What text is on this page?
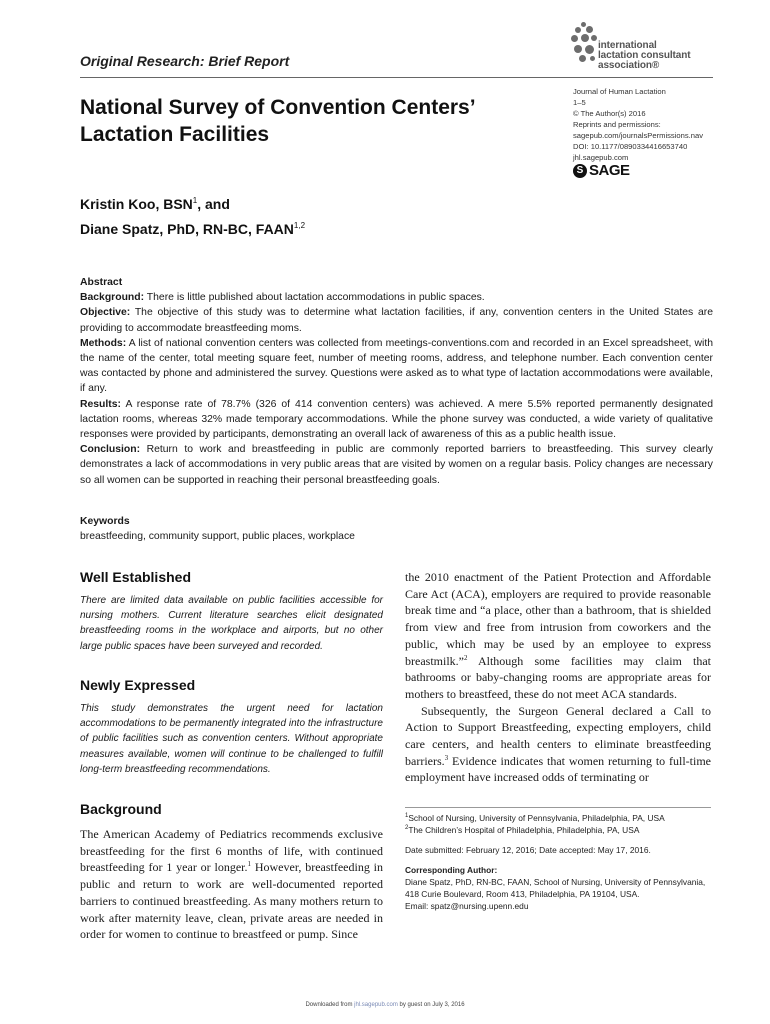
Original Research: Brief Report
international
lactation consultant
association®
Journal of Human Lactation
1–5
© The Author(s) 2016
Reprints and permissions:
sagepub.com/journalsPermissions.nav
DOI: 10.1177/0890334416653740
jhl.sagepub.com
S SAGE
National Survey of Convention Centers’ Lactation Facilities
Kristin Koo, BSN$^1$, and
Diane Spatz, PhD, RN-BC, FAAN$^{1,2}$
Abstract

Background: There is little published about lactation accommodations in public spaces.

Objective: The objective of this study was to determine what lactation facilities, if any, convention centers in the United States are providing to accommodate breastfeeding moms.

Methods: A list of national convention centers was collected from meetings-conventions.com and recorded in an Excel spreadsheet, with the name of the center, total meeting square feet, number of meeting rooms, address, and telephone number. Each convention center was contacted by phone and administered the survey. Questions were asked as to what type of lactation accommodations were available, if any.

Results: A response rate of 78.7% (326 of 414 convention centers) was achieved. A mere 5.5% reported permanently designated lactation rooms, whereas 32% made temporary accommodations. While the phone survey was conducted, a wide variety of qualitative responses were provided by participants, demonstrating an overall lack of awareness of this as a public health issue.

Conclusion: Return to work and breastfeeding in public are commonly reported barriers to breastfeeding. This survey clearly demonstrates a lack of accommodations in very public areas that are visited by women on a regular basis. Policy changes are necessary so all women can be supported in reaching their personal breastfeeding goals.

Keywords
breastfeeding, community support, public places, workplace
Well Established
There are limited data available on public facilities accessible for nursing mothers. Current literature searches elicit designated breastfeeding rooms in the workplace and airports, but no other large public spaces have been surveyed and recorded.
Newly Expressed
This study demonstrates the urgent need for lactation accommodations to be permanently integrated into the infrastructure of public facilities such as convention centers. Without appropriate measures available, women will continue to be challenged to fulfill long-term breastfeeding recommendations.
Background
The American Academy of Pediatrics recommends exclusive breastfeeding for the first 6 months of life, with continued breastfeeding for 1 year or longer.$^1$ However, breastfeeding in public and return to work are well-documented reported barriers to continued breastfeeding. As many mothers return to work after maternity leave, clean, private areas are needed in order for women to continue to breastfeed or pump. Since

the 2010 enactment of the Patient Protection and Affordable Care Act (ACA), employers are required to provide reasonable break time and “a place, other than a bathroom, that is shielded from view and free from intrusion from coworkers and the public, which may be used by an employee to express breastmilk.”$^2$ Although some facilities may claim that bathrooms or baby-changing rooms are appropriate areas for mothers to breastfeed, these do not meet ACA standards.

Subsequently, the Surgeon General declared a Call to Action to Support Breastfeeding, expecting employers, child care centers, and health centers to eliminate breastfeeding barriers.$^3$ Evidence indicates that women returning to full-time employment have increased odds of terminating or

$^1$School of Nursing, University of Pennsylvania, Philadelphia, PA, USA

$^2$The Children’s Hospital of Philadelphia, Philadelphia, PA, USA

Date submitted: February 12, 2016; Date accepted: May 17, 2016.

Corresponding Author:

Diane Spatz, PhD, RN-BC, FAAN, School of Nursing, University of Pennsylvania, 418 Curie Boulevard, Room 413, Philadelphia, PA 19104, USA.

Email: spatz@nursing.upenn.edu

Downloaded from jhl.sagepub.com by guest on July 3, 2016
